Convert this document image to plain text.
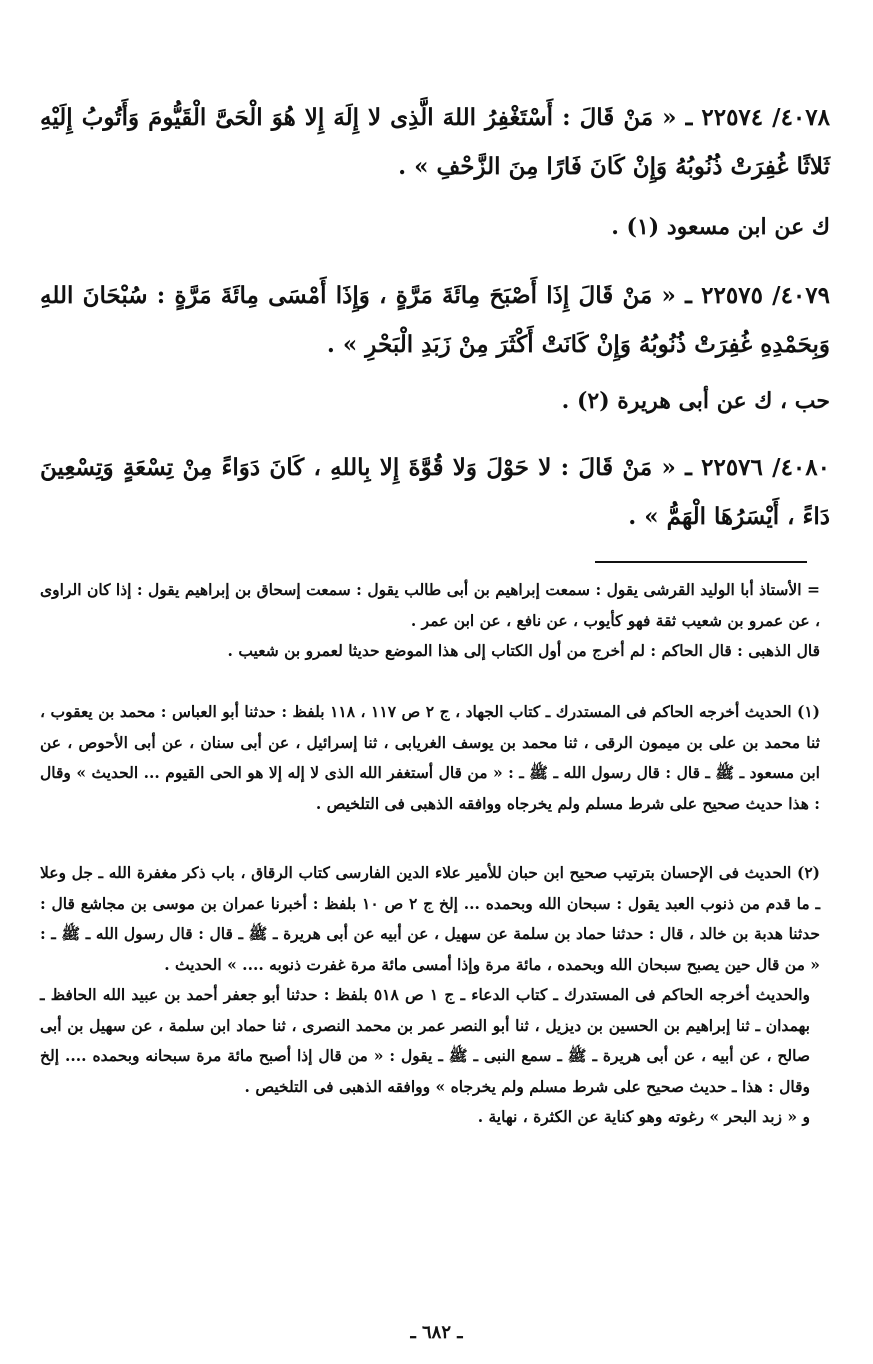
٤٠٧٨/ ٢٢٥٧٤ ـ « مَنْ قَالَ : أَسْتَغْفِرُ اللهَ الَّذِى لا إِلَهَ إِلا هُوَ الْحَىَّ الْقَيُّومَ وَأَتُوبُ إِلَيْهِ ثَلاثًا غُفِرَتْ ذُنُوبُهُ وَإِنْ كَانَ فَارًا مِنَ الزَّحْفِ » .
ك عن ابن مسعود (١) .
٤٠٧٩/ ٢٢٥٧٥ ـ « مَنْ قَالَ إِذَا أَصْبَحَ مِائَةَ مَرَّةٍ ، وَإِذَا أَمْسَى مِائَةَ مَرَّةٍ : سُبْحَانَ اللهِ وَبِحَمْدِهِ غُفِرَتْ ذُنُوبُهُ وَإِنْ كَانَتْ أَكْثَرَ مِنْ زَبَدِ الْبَحْرِ » .
حب ، ك عن أبى هريرة (٢) .
٤٠٨٠/ ٢٢٥٧٦ ـ « مَنْ قَالَ : لا حَوْلَ وَلا قُوَّةَ إِلا بِاللهِ ، كَانَ دَوَاءً مِنْ تِسْعَةٍ وَتِسْعِينَ دَاءً ، أَيْسَرُهَا الْهَمُّ » .
= الأستاذ أبا الوليد القرشى يقول : سمعت إبراهيم بن أبى طالب يقول : سمعت إسحاق بن إبراهيم يقول : إذا كان الراوى ، عن عمرو بن شعيب ثقة فهو كأيوب ، عن نافع ، عن ابن عمر .
قال الذهبى : قال الحاكم : لم أخرج من أول الكتاب إلى هذا الموضع حديثا لعمرو بن شعيب .
(١) الحديث أخرجه الحاكم فى المستدرك ـ كتاب الجهاد ، ج ٢ ص ١١٧ ، ١١٨ بلفظ : حدثنا أبو العباس : محمد بن يعقوب ، ثنا محمد بن على بن ميمون الرقى ، ثنا محمد بن يوسف الغريابى ، ثنا إسرائيل ، عن أبى سنان ، عن أبى الأحوص ، عن ابن مسعود ـ ﷺ ـ قال : قال رسول الله ـ ﷺ ـ : « من قال أستغفر الله الذى لا إله إلا هو الحى القيوم ... الحديث » وقال : هذا حديث صحيح على شرط مسلم ولم يخرجاه ووافقه الذهبى فى التلخيص .
(٢) الحديث فى الإحسان بترتيب صحيح ابن حبان للأمير علاء الدين الفارسى كتاب الرقاق ، باب ذكر مغفرة الله ـ جل وعلا ـ ما قدم من ذنوب العبد يقول : سبحان الله وبحمده ... إلخ ج ٢ ص ١٠ بلفظ : أخبرنا عمران بن موسى بن مجاشع قال : حدثنا هدبة بن خالد ، قال : حدثنا حماد بن سلمة عن سهيل ، عن أبيه عن أبى هريرة ـ ﷺ ـ قال : قال رسول الله ـ ﷺ ـ : « من قال حين يصبح سبحان الله وبحمده ، مائة مرة وإذا أمسى مائة مرة غفرت ذنوبه .... » الحديث .
والحديث أخرجه الحاكم فى المستدرك ـ كتاب الدعاء ـ ج ١ ص ٥١٨ بلفظ : حدثنا أبو جعفر أحمد بن عبيد الله الحافظ ـ بهمدان ـ ثنا إبراهيم بن الحسين بن ديزيل ، ثنا أبو النصر عمر بن محمد النصرى ، ثنا حماد ابن سلمة ، عن سهيل بن أبى صالح ، عن أبيه ، عن أبى هريرة ـ ﷺ ـ سمع النبى ـ ﷺ ـ يقول : « من قال إذا أصبح مائة مرة سبحانه وبحمده .... إلخ وقال : هذا ـ حديث صحيح على شرط مسلم ولم يخرجاه » ووافقه الذهبى فى التلخيص .
و « زبد البحر » رغوته وهو كناية عن الكثرة ، نهاية .
ـ ٦٨٢ ـ
